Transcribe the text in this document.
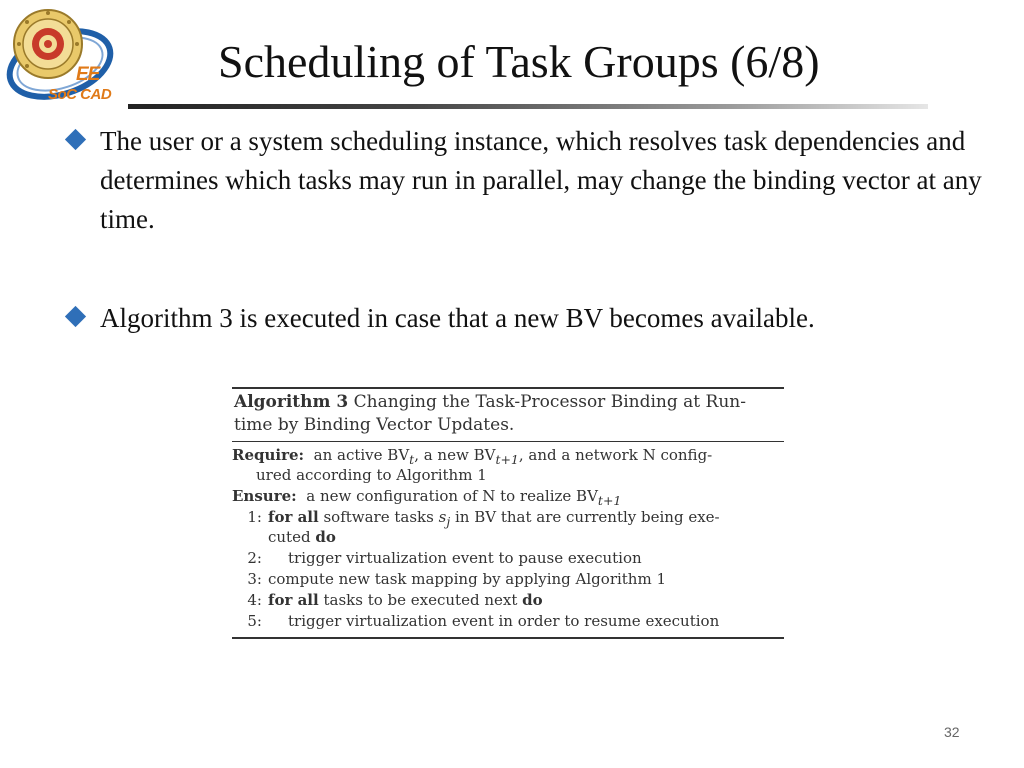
EE
SoC CAD
Scheduling of Task Groups (6/8)
The user or a system scheduling instance, which resolves task dependencies and determines which tasks may run in parallel, may change the binding vector at any time.
Algorithm 3 is executed in case that a new BV becomes available.
Algorithm 3 Changing the Task-Processor Binding at Run-
time by Binding Vector Updates.
Require: an active $BV_t$, a new $BV_{t+1}$, and a network N config-
ured according to Algorithm 1
Ensure: a new configuration of N to realize $BV_{t+1}$
1: for all software tasks $s_j$ in BV that are currently being exe-
cuted do
2: trigger virtualization event to pause execution
3: compute new task mapping by applying Algorithm 1
4: for all tasks to be executed next do
5: trigger virtualization event in order to resume execution
32
